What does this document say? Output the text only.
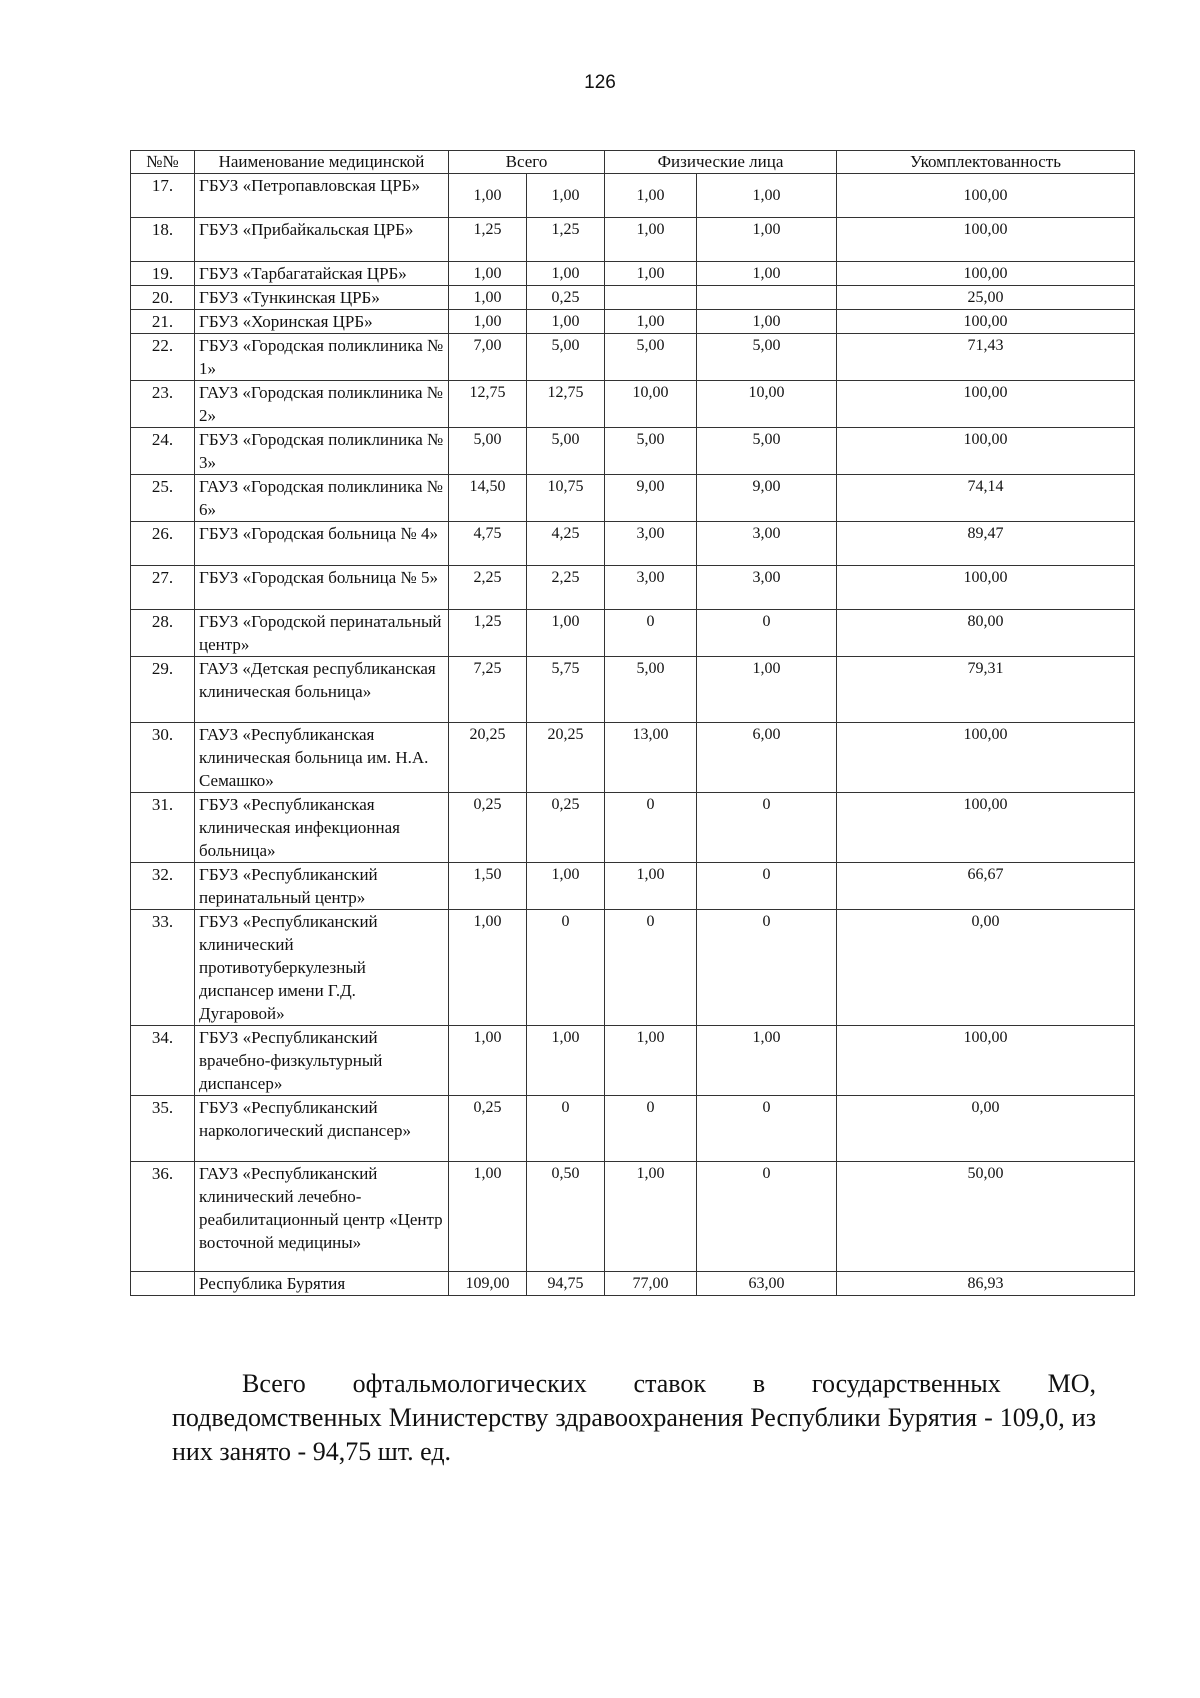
126
№№	Наименование медицинской	Всего		Физические лица		Укомплектованность
17.	ГБУЗ «Петропавловская ЦРБ»	1,00	1,00	1,00	1,00	100,00
18.	ГБУЗ «Прибайкальская ЦРБ»	1,25	1,25	1,00	1,00	100,00
19.	ГБУЗ «Тарбагатайская ЦРБ»	1,00	1,00	1,00	1,00	100,00
20.	ГБУЗ «Тункинская ЦРБ»	1,00	0,25			25,00
21.	ГБУЗ «Хоринская ЦРБ»	1,00	1,00	1,00	1,00	100,00
22.	ГБУЗ «Городская поликлиника № 1»	7,00	5,00	5,00	5,00	71,43
23.	ГАУЗ «Городская поликлиника № 2»	12,75	12,75	10,00	10,00	100,00
24.	ГБУЗ «Городская поликлиника № 3»	5,00	5,00	5,00	5,00	100,00
25.	ГАУЗ «Городская поликлиника № 6»	14,50	10,75	9,00	9,00	74,14
26.	ГБУЗ «Городская больница № 4»	4,75	4,25	3,00	3,00	89,47
27.	ГБУЗ «Городская больница № 5»	2,25	2,25	3,00	3,00	100,00
28.	ГБУЗ «Городской перинатальный центр»	1,25	1,00	0	0	80,00
29.	ГАУЗ «Детская республиканская клиническая больница»	7,25	5,75	5,00	1,00	79,31
30.	ГАУЗ «Республиканская клиническая больница им. Н.А. Семашко»	20,25	20,25	13,00	6,00	100,00
31.	ГБУЗ «Республиканская клиническая инфекционная больница»	0,25	0,25	0	0	100,00
32.	ГБУЗ «Республиканский перинатальный центр»	1,50	1,00	1,00	0	66,67
33.	ГБУЗ «Республиканский клинический противотуберкулезный диспансер имени Г.Д. Дугаровой»	1,00	0	0	0	0,00
34.	ГБУЗ «Республиканский врачебно-физкультурный диспансер»	1,00	1,00	1,00	1,00	100,00
35.	ГБУЗ «Республиканский наркологический диспансер»	0,25	0	0	0	0,00
36.	ГАУЗ «Республиканский клинический лечебно-реабилитационный центр «Центр восточной медицины»	1,00	0,50	1,00	0	50,00
	Республика Бурятия	109,00	94,75	77,00	63,00	86,93
Всего офтальмологических ставок в государственных МО, подведомственных Министерству здравоохранения Республики Бурятия - 109,0, из них занято - 94,75 шт. ед.
